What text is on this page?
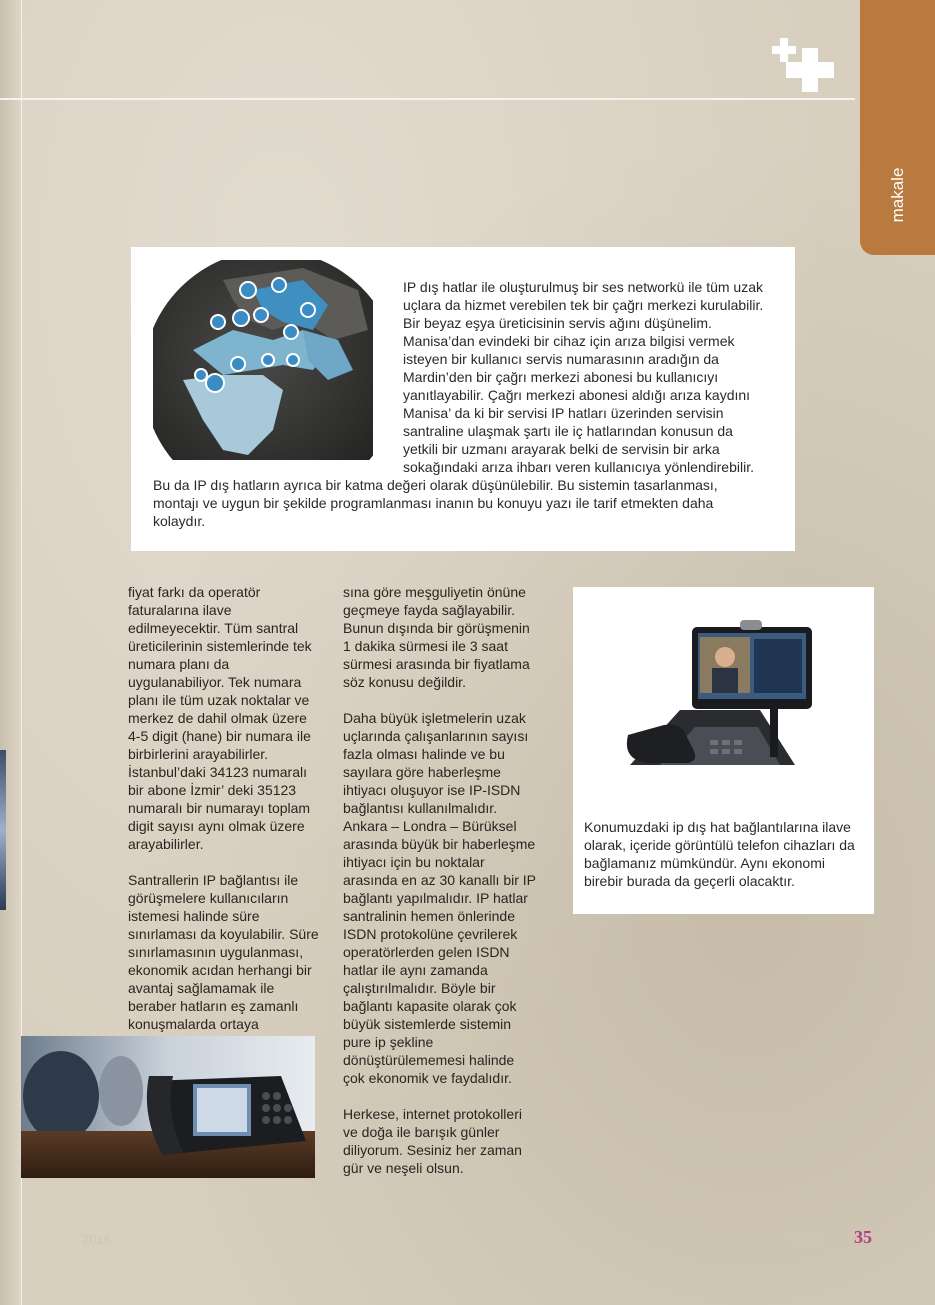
makale
IP dış hatlar ile oluşturulmuş bir ses networkü ile tüm uzak uçlara da hizmet verebilen tek bir çağrı merkezi kurulabilir. Bir beyaz eşya üreticisinin servis ağını düşünelim. Manisa’dan evindeki bir cihaz için arıza bilgisi vermek isteyen bir kullanıcı servis numarasının aradığın da Mardin’den bir çağrı merkezi abonesi bu kullanıcıyı yanıtlayabilir. Çağrı merkezi abonesi aldığı arıza kaydını Manisa’ da ki bir servisi IP hatları üzerinden servisin santraline ulaşmak şartı ile iç hatlarından konusun da yetkili bir uzmanı arayarak belki de servisin bir arka sokağındaki arıza ihbarı veren kullanıcıya yönlendirebilir. Bu da IP dış hatların ayrıca bir katma değeri olarak düşünülebilir. Bu sistemin tasarlanması, montajı ve uygun bir şekilde programlanması inanın bu konuyu yazı ile tarif etmekten daha kolaydır.

fiyat farkı da operatör faturalarına ilave edilmeyecektir. Tüm santral üreticilerinin sistemlerinde tek numara planı da uygulanabiliyor. Tek numara planı ile tüm uzak noktalar ve merkez de dahil olmak üzere 4-5 digit (hane) bir numara ile birbirlerini arayabilirler. İstanbul’daki 34123 numaralı bir abone İzmir’ deki 35123 numaralı bir numarayı toplam digit sayısı aynı olmak üzere arayabilirler.

Santrallerin IP bağlantısı ile görüşmelere kullanıcıların istemesi halinde süre sınırlaması da koyulabilir. Süre sınırlamasının uygulanması, ekonomik acıdan herhangi bir avantaj sağlamamak ile beraber hatların eş zamanlı konuşmalarda ortaya

sına göre meşguliyetin önüne geçmeye fayda sağlayabilir. Bunun dışında bir görüşmenin 1 dakika sürmesi ile 3 saat sürmesi arasında bir fiyatlama söz konusu değildir.

Daha büyük işletmelerin uzak uçlarında çalışanlarının sayısı fazla olması halinde ve bu sayılara göre haberleşme ihtiyacı oluşuyor ise IP-ISDN bağlantısı kullanılmalıdır. Ankara – Londra – Bürüksel arasında büyük bir haberleşme ihtiyacı için bu noktalar arasında en az 30 kanallı bir IP bağlantı yapılmalıdır. IP hatlar santralinin hemen önlerinde ISDN protokolüne çevrilerek operatörlerden gelen ISDN hatlar ile aynı zamanda çalıştırılmalıdır. Böyle bir bağlantı kapasite olarak çok büyük sistemlerde sistemin pure ip şekline dönüştürülememesi halinde çok ekonomik ve faydalıdır.

Herkese, internet protokolleri ve doğa ile barışık günler diliyorum. Sesiniz her zaman gür ve neşeli olsun.

Konumuzdaki ip dış hat bağlantılarına ilave olarak, içeride görüntülü telefon cihazları da bağlamanız mümkündür. Aynı ekonomi birebir burada da geçerli olacaktır.

2016	elektrik 35
